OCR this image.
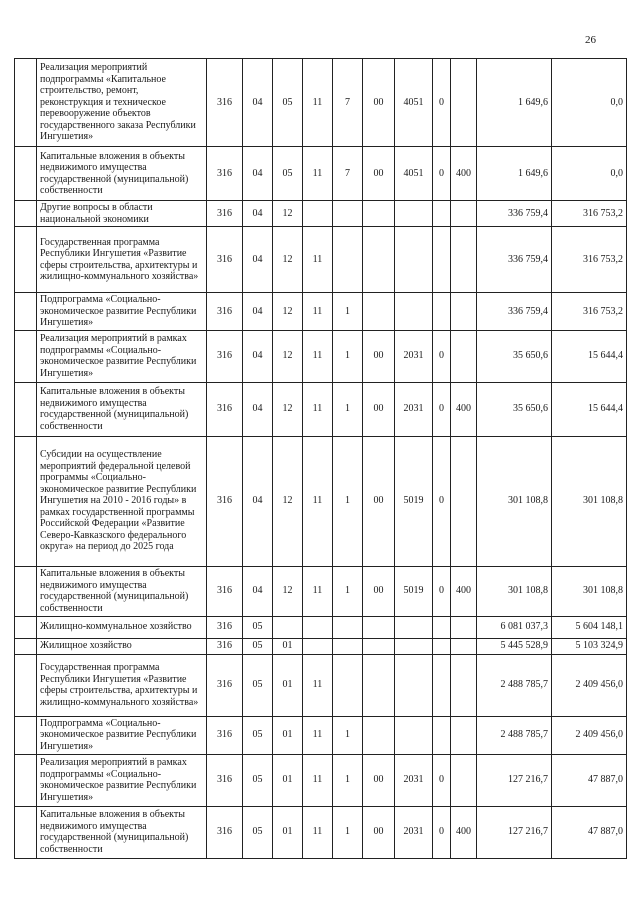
26
	Реализация мероприятий подпрограммы «Капитальное строительство, ремонт, реконструкция и техническое перевооружение объектов государственного заказа Республики Ингушетия»	316	04	05	11	7	00	4051	0		1 649,6	0,0
	Капитальные вложения в объекты недвижимого имущества государственной (муниципальной) собственности	316	04	05	11	7	00	4051	0	400	1 649,6	0,0
	Другие вопросы в области национальной экономики	316	04	12							336 759,4	316 753,2
	Государственная программа Республики Ингушетия «Развитие сферы строительства, архитектуры и жилищно-коммунального хозяйства»	316	04	12	11						336 759,4	316 753,2
	Подпрограмма «Социально-экономическое развитие Республики Ингушетия»	316	04	12	11	1					336 759,4	316 753,2
	Реализация мероприятий в рамках подпрограммы «Социально-экономическое развитие Республики Ингушетия»	316	04	12	11	1	00	2031	0		35 650,6	15 644,4
	Капитальные вложения в объекты недвижимого имущества государственной (муниципальной) собственности	316	04	12	11	1	00	2031	0	400	35 650,6	15 644,4
	Субсидии на осуществление мероприятий федеральной целевой программы «Социально-экономическое развитие Республики Ингушетия на 2010 - 2016 годы» в рамках государственной программы Российской Федерации «Развитие Северо-Кавказского федерального округа» на период до 2025 года	316	04	12	11	1	00	5019	0		301 108,8	301 108,8
	Капитальные вложения в объекты недвижимого имущества государственной (муниципальной) собственности	316	04	12	11	1	00	5019	0	400	301 108,8	301 108,8
	Жилищно-коммунальное хозяйство	316	05								6 081 037,3	5 604 148,1
	Жилищное хозяйство	316	05	01							5 445 528,9	5 103 324,9
	Государственная программа Республики Ингушетия «Развитие сферы строительства, архитектуры и жилищно-коммунального хозяйства»	316	05	01	11						2 488 785,7	2 409 456,0
	Подпрограмма «Социально-экономическое развитие Республики Ингушетия»	316	05	01	11	1					2 488 785,7	2 409 456,0
	Реализация мероприятий в рамках подпрограммы «Социально-экономическое развитие Республики Ингушетия»	316	05	01	11	1	00	2031	0		127 216,7	47 887,0
	Капитальные вложения в объекты недвижимого имущества государственной (муниципальной) собственности	316	05	01	11	1	00	2031	0	400	127 216,7	47 887,0
